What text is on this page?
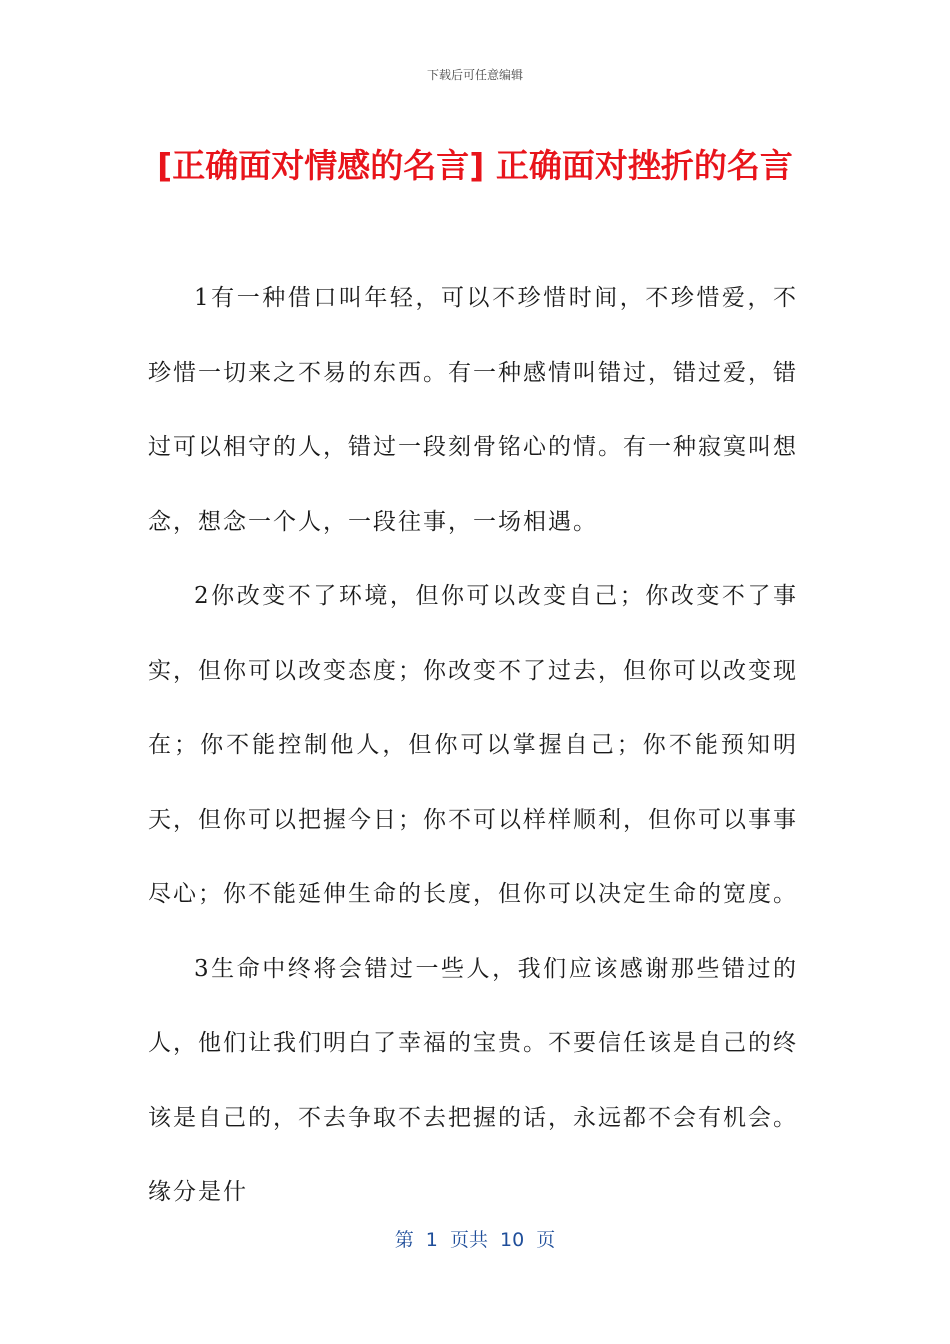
下载后可任意编辑
[正确面对情感的名言] 正确面对挫折的名言

1有一种借口叫年轻，可以不珍惜时间，不珍惜爱，不珍惜一切来之不易的东西。有一种感情叫错过，错过爱，错过可以相守的人，错过一段刻骨铭心的情。有一种寂寞叫想念，想念一个人，一段往事，一场相遇。

2你改变不了环境，但你可以改变自己；你改变不了事实，但你可以改变态度；你改变不了过去，但你可以改变现在；你不能控制他人，但你可以掌握自己；你不能预知明天，但你可以把握今日；你不可以样样顺利，但你可以事事尽心；你不能延伸生命的长度，但你可以决定生命的宽度。

3生命中终将会错过一些人，我们应该感谢那些错过的人，他们让我们明白了幸福的宝贵。不要信任该是自己的终该是自己的，不去争取不去把握的话，永远都不会有机会。缘分是什

第  1  页共  10  页
